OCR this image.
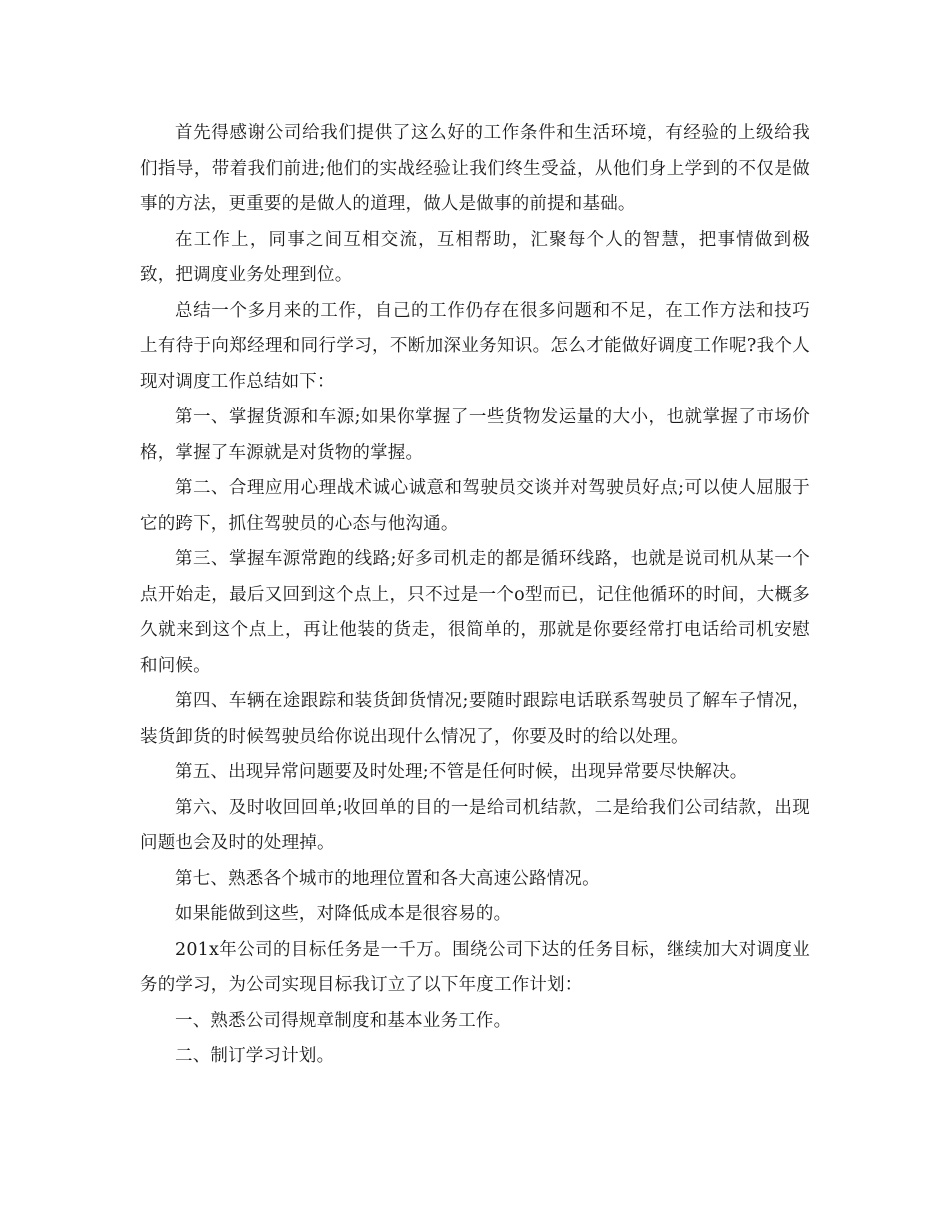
首先得感谢公司给我们提供了这么好的工作条件和生活环境，有经验的上级给我们指导，带着我们前进;他们的实战经验让我们终生受益，从他们身上学到的不仅是做事的方法，更重要的是做人的道理，做人是做事的前提和基础。

在工作上，同事之间互相交流，互相帮助，汇聚每个人的智慧，把事情做到极致，把调度业务处理到位。

总结一个多月来的工作，自己的工作仍存在很多问题和不足，在工作方法和技巧上有待于向郑经理和同行学习，不断加深业务知识。怎么才能做好调度工作呢?我个人现对调度工作总结如下：

第一、掌握货源和车源;如果你掌握了一些货物发运量的大小，也就掌握了市场价格，掌握了车源就是对货物的掌握。

第二、合理应用心理战术诚心诚意和驾驶员交谈并对驾驶员好点;可以使人屈服于它的跨下，抓住驾驶员的心态与他沟通。

第三、掌握车源常跑的线路;好多司机走的都是循环线路，也就是说司机从某一个点开始走，最后又回到这个点上，只不过是一个o型而已，记住他循环的时间，大概多久就来到这个点上，再让他装的货走，很简单的，那就是你要经常打电话给司机安慰和问候。

第四、车辆在途跟踪和装货卸货情况;要随时跟踪电话联系驾驶员了解车子情况，装货卸货的时候驾驶员给你说出现什么情况了，你要及时的给以处理。

第五、出现异常问题要及时处理;不管是任何时候，出现异常要尽快解决。

第六、及时收回回单;收回单的目的一是给司机结款，二是给我们公司结款，出现问题也会及时的处理掉。

第七、熟悉各个城市的地理位置和各大高速公路情况。

如果能做到这些，对降低成本是很容易的。

201x年公司的目标任务是一千万。围绕公司下达的任务目标，继续加大对调度业务的学习，为公司实现目标我订立了以下年度工作计划：

一、熟悉公司得规章制度和基本业务工作。

二、制订学习计划。
